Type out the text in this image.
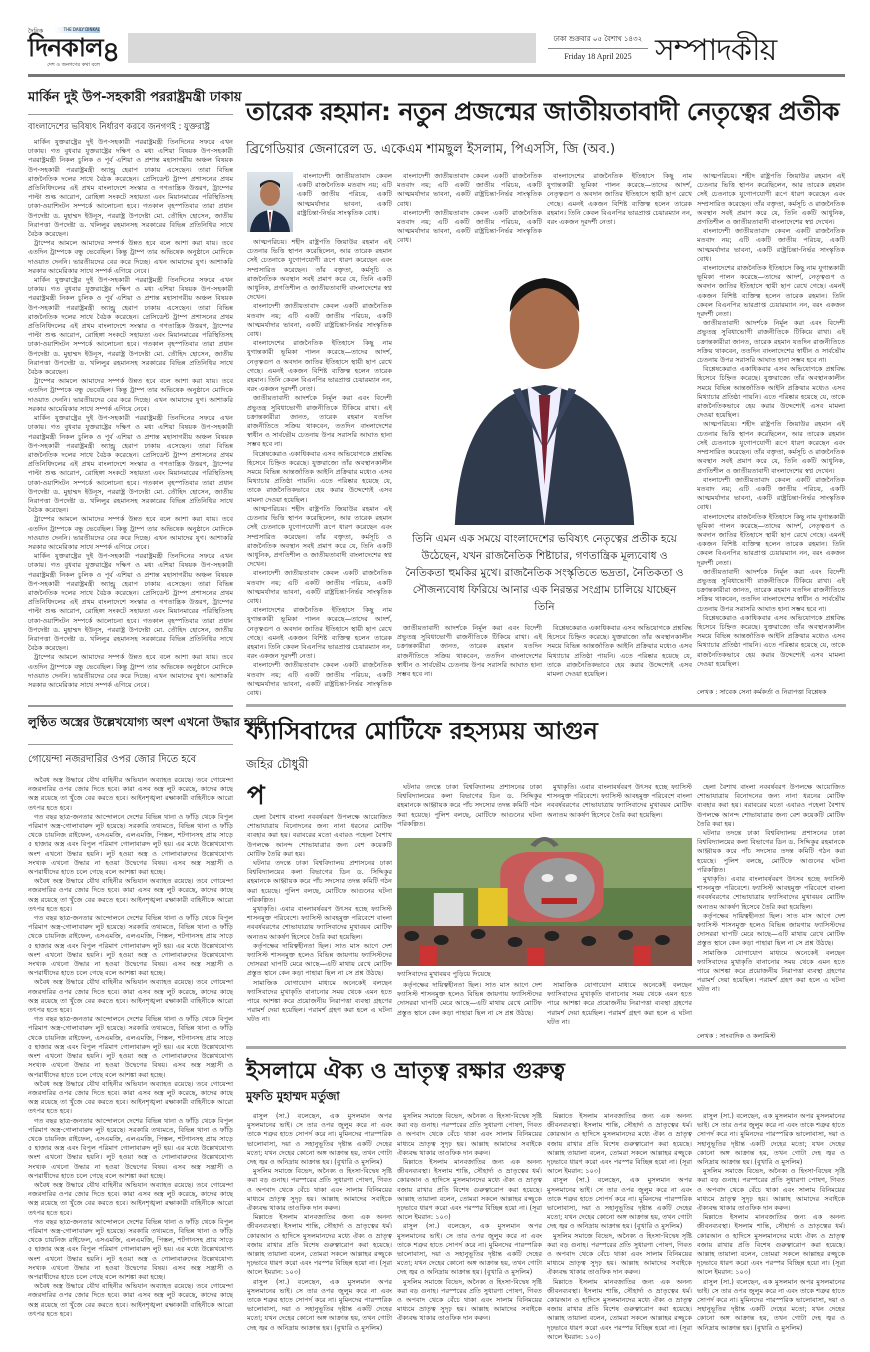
দৈনিক	THE DAILY DINKAL
দিনকাল
দেশ ও জনগণের কথা বলে ৪	ঢাকা শুক্রবার ০৫ বৈশাখ ১৪৩২
Friday 18 April 2025 সম্পাদকীয়
মার্কিন দুই উপ-সহকারী পররাষ্ট্রমন্ত্রী ঢাকায়
বাংলাদেশের ভবিষ্যৎ নির্ধারণ করবে জনগণই : যুক্তরাষ্ট্র

মার্কিন যুক্তরাষ্ট্রের দুই উপ-সহকারী পররাষ্ট্রমন্ত্রী তিনদিনের সফরে এখন ঢাকায়। গত বুধবার যুক্তরাষ্ট্রের দক্ষিণ ও মধ্য এশিয়া বিষয়ক উপ-সহকারী পররাষ্ট্রমন্ত্রী নিকল চুলিক ও পূর্ব এশিয়া ও প্রশান্ত মহাসাগরীয় অঞ্চল বিষয়ক উপ-সহকারী পররাষ্ট্রমন্ত্রী অ্যান্ড্রু হেরাপ ঢাকায় এসেছেন। তারা বিভিন্ন রাজনৈতিক দলের সাথে বৈঠক করেছেন। প্রেসিডেন্ট ট্রাম্প প্রশাসনের প্রথম প্রতিনিধিদলের এই প্রথম বাংলাদেশে সংস্কার ও গণতান্ত্রিক উত্তরণ, ট্রাম্পের পাল্টা শুল্ক আরোপ, রোহিঙ্গা সংকটে সহায়তা এবং মিয়ানমারের পরিস্থিতিসহ ঢাকা-ওয়াশিংটন সম্পর্কে আলোচনা হবে। গতকাল বৃহস্পতিবার তারা প্রধান উপদেষ্টা ড. মুহাম্মদ ইউনূস, পররাষ্ট্র উপদেষ্টা মো. তৌহিদ হোসেন, জাতীয় নিরাপত্তা উপদেষ্টা ড. খলিলুর রহমানসহ সরকারের বিভিন্ন প্রতিনিধির সাথে বৈঠক করেছেন।

ট্রাম্পের আমলে আমাদের সম্পর্ক উন্নত হবে বলে আশা করা যায়। তবে এতদিন ট্রাম্পকে বন্ধু ভেবেছিল। কিন্তু ট্রাম্প তার অভিষেক অনুষ্ঠানে মোদিকে দাওয়াত দেননি। ভারতীয়দের বের করে দিচ্ছে। এখন আমাদের যুগ। আশাকরি সরকার আমেরিকার সাথে সম্পর্ক এগিয়ে নেবে।

মার্কিন যুক্তরাষ্ট্রের দুই উপ-সহকারী পররাষ্ট্রমন্ত্রী তিনদিনের সফরে এখন ঢাকায়। গত বুধবার যুক্তরাষ্ট্রের দক্ষিণ ও মধ্য এশিয়া বিষয়ক উপ-সহকারী পররাষ্ট্রমন্ত্রী নিকল চুলিক ও পূর্ব এশিয়া ও প্রশান্ত মহাসাগরীয় অঞ্চল বিষয়ক উপ-সহকারী পররাষ্ট্রমন্ত্রী অ্যান্ড্রু হেরাপ ঢাকায় এসেছেন। তারা বিভিন্ন রাজনৈতিক দলের সাথে বৈঠক করেছেন। প্রেসিডেন্ট ট্রাম্প প্রশাসনের প্রথম প্রতিনিধিদলের এই প্রথম বাংলাদেশে সংস্কার ও গণতান্ত্রিক উত্তরণ, ট্রাম্পের পাল্টা শুল্ক আরোপ, রোহিঙ্গা সংকটে সহায়তা এবং মিয়ানমারের পরিস্থিতিসহ ঢাকা-ওয়াশিংটন সম্পর্কে আলোচনা হবে। গতকাল বৃহস্পতিবার তারা প্রধান উপদেষ্টা ড. মুহাম্মদ ইউনূস, পররাষ্ট্র উপদেষ্টা মো. তৌহিদ হোসেন, জাতীয় নিরাপত্তা উপদেষ্টা ড. খলিলুর রহমানসহ সরকারের বিভিন্ন প্রতিনিধির সাথে বৈঠক করেছেন।

ট্রাম্পের আমলে আমাদের সম্পর্ক উন্নত হবে বলে আশা করা যায়। তবে এতদিন ট্রাম্পকে বন্ধু ভেবেছিল। কিন্তু ট্রাম্প তার অভিষেক অনুষ্ঠানে মোদিকে দাওয়াত দেননি। ভারতীয়দের বের করে দিচ্ছে। এখন আমাদের যুগ। আশাকরি সরকার আমেরিকার সাথে সম্পর্ক এগিয়ে নেবে।

মার্কিন যুক্তরাষ্ট্রের দুই উপ-সহকারী পররাষ্ট্রমন্ত্রী তিনদিনের সফরে এখন ঢাকায়। গত বুধবার যুক্তরাষ্ট্রের দক্ষিণ ও মধ্য এশিয়া বিষয়ক উপ-সহকারী পররাষ্ট্রমন্ত্রী নিকল চুলিক ও পূর্ব এশিয়া ও প্রশান্ত মহাসাগরীয় অঞ্চল বিষয়ক উপ-সহকারী পররাষ্ট্রমন্ত্রী অ্যান্ড্রু হেরাপ ঢাকায় এসেছেন। তারা বিভিন্ন রাজনৈতিক দলের সাথে বৈঠক করেছেন। প্রেসিডেন্ট ট্রাম্প প্রশাসনের প্রথম প্রতিনিধিদলের এই প্রথম বাংলাদেশে সংস্কার ও গণতান্ত্রিক উত্তরণ, ট্রাম্পের পাল্টা শুল্ক আরোপ, রোহিঙ্গা সংকটে সহায়তা এবং মিয়ানমারের পরিস্থিতিসহ ঢাকা-ওয়াশিংটন সম্পর্কে আলোচনা হবে। গতকাল বৃহস্পতিবার তারা প্রধান উপদেষ্টা ড. মুহাম্মদ ইউনূস, পররাষ্ট্র উপদেষ্টা মো. তৌহিদ হোসেন, জাতীয় নিরাপত্তা উপদেষ্টা ড. খলিলুর রহমানসহ সরকারের বিভিন্ন প্রতিনিধির সাথে বৈঠক করেছেন।

ট্রাম্পের আমলে আমাদের সম্পর্ক উন্নত হবে বলে আশা করা যায়। তবে এতদিন ট্রাম্পকে বন্ধু ভেবেছিল। কিন্তু ট্রাম্প তার অভিষেক অনুষ্ঠানে মোদিকে দাওয়াত দেননি। ভারতীয়দের বের করে দিচ্ছে। এখন আমাদের যুগ। আশাকরি সরকার আমেরিকার সাথে সম্পর্ক এগিয়ে নেবে।

মার্কিন যুক্তরাষ্ট্রের দুই উপ-সহকারী পররাষ্ট্রমন্ত্রী তিনদিনের সফরে এখন ঢাকায়। গত বুধবার যুক্তরাষ্ট্রের দক্ষিণ ও মধ্য এশিয়া বিষয়ক উপ-সহকারী পররাষ্ট্রমন্ত্রী নিকল চুলিক ও পূর্ব এশিয়া ও প্রশান্ত মহাসাগরীয় অঞ্চল বিষয়ক উপ-সহকারী পররাষ্ট্রমন্ত্রী অ্যান্ড্রু হেরাপ ঢাকায় এসেছেন। তারা বিভিন্ন রাজনৈতিক দলের সাথে বৈঠক করেছেন। প্রেসিডেন্ট ট্রাম্প প্রশাসনের প্রথম প্রতিনিধিদলের এই প্রথম বাংলাদেশে সংস্কার ও গণতান্ত্রিক উত্তরণ, ট্রাম্পের পাল্টা শুল্ক আরোপ, রোহিঙ্গা সংকটে সহায়তা এবং মিয়ানমারের পরিস্থিতিসহ ঢাকা-ওয়াশিংটন সম্পর্কে আলোচনা হবে। গতকাল বৃহস্পতিবার তারা প্রধান উপদেষ্টা ড. মুহাম্মদ ইউনূস, পররাষ্ট্র উপদেষ্টা মো. তৌহিদ হোসেন, জাতীয় নিরাপত্তা উপদেষ্টা ড. খলিলুর রহমানসহ সরকারের বিভিন্ন প্রতিনিধির সাথে বৈঠক করেছেন।

ট্রাম্পের আমলে আমাদের সম্পর্ক উন্নত হবে বলে আশা করা যায়। তবে এতদিন ট্রাম্পকে বন্ধু ভেবেছিল। কিন্তু ট্রাম্প তার অভিষেক অনুষ্ঠানে মোদিকে দাওয়াত দেননি। ভারতীয়দের বের করে দিচ্ছে। এখন আমাদের যুগ। আশাকরি সরকার আমেরিকার সাথে সম্পর্ক এগিয়ে নেবে।

লুণ্ঠিত অস্ত্রের উল্লেখযোগ্য অংশ এখনো উদ্ধার হয়নি
গোয়েন্দা নজরদারির ওপর জোর দিতে হবে

অবৈধ অস্ত্র উদ্ধারে যৌথ বাহিনীর অভিযান অব্যাহত রয়েছে। তবে গোয়েন্দা নজরদারির ওপর জোর দিতে হবে। কারা এসব অস্ত্র লুট করেছে, কাদের কাছে অস্ত্র রয়েছে তা খুঁজে বের করতে হবে। আইনশৃঙ্খলা রক্ষাকারী বাহিনীকে আরো তৎপর হতে হবে।

গত বছর ছাত্র-জনতার আন্দোলনে দেশের বিভিন্ন থানা ও ফাঁড়ি থেকে বিপুল পরিমাণ অস্ত্র-গোলাবারুদ লুট হয়েছে। সরকারি তথ্যমতে, বিভিন্ন থানা ও ফাঁড়ি থেকে চায়নিজ রাইফেল, এসএমজি, এলএমজি, পিস্তল, শটগানসহ প্রায় সাড়ে ৫ হাজার অস্ত্র এবং বিপুল পরিমাণ গোলাবারুদ লুট হয়। এর মধ্যে উল্লেখযোগ্য অংশ এখনো উদ্ধার হয়নি। লুট হওয়া অস্ত্র ও গোলাবারুদের উল্লেখযোগ্য সংখ্যক এখনো উদ্ধার না হওয়া উদ্বেগের বিষয়। এসব অস্ত্র সন্ত্রাসী ও অপরাধীদের হাতে চলে গেছে বলে আশঙ্কা করা হচ্ছে।

অবৈধ অস্ত্র উদ্ধারে যৌথ বাহিনীর অভিযান অব্যাহত রয়েছে। তবে গোয়েন্দা নজরদারির ওপর জোর দিতে হবে। কারা এসব অস্ত্র লুট করেছে, কাদের কাছে অস্ত্র রয়েছে তা খুঁজে বের করতে হবে। আইনশৃঙ্খলা রক্ষাকারী বাহিনীকে আরো তৎপর হতে হবে।

গত বছর ছাত্র-জনতার আন্দোলনে দেশের বিভিন্ন থানা ও ফাঁড়ি থেকে বিপুল পরিমাণ অস্ত্র-গোলাবারুদ লুট হয়েছে। সরকারি তথ্যমতে, বিভিন্ন থানা ও ফাঁড়ি থেকে চায়নিজ রাইফেল, এসএমজি, এলএমজি, পিস্তল, শটগানসহ প্রায় সাড়ে ৫ হাজার অস্ত্র এবং বিপুল পরিমাণ গোলাবারুদ লুট হয়। এর মধ্যে উল্লেখযোগ্য অংশ এখনো উদ্ধার হয়নি। লুট হওয়া অস্ত্র ও গোলাবারুদের উল্লেখযোগ্য সংখ্যক এখনো উদ্ধার না হওয়া উদ্বেগের বিষয়। এসব অস্ত্র সন্ত্রাসী ও অপরাধীদের হাতে চলে গেছে বলে আশঙ্কা করা হচ্ছে।

অবৈধ অস্ত্র উদ্ধারে যৌথ বাহিনীর অভিযান অব্যাহত রয়েছে। তবে গোয়েন্দা নজরদারির ওপর জোর দিতে হবে। কারা এসব অস্ত্র লুট করেছে, কাদের কাছে অস্ত্র রয়েছে তা খুঁজে বের করতে হবে। আইনশৃঙ্খলা রক্ষাকারী বাহিনীকে আরো তৎপর হতে হবে।

গত বছর ছাত্র-জনতার আন্দোলনে দেশের বিভিন্ন থানা ও ফাঁড়ি থেকে বিপুল পরিমাণ অস্ত্র-গোলাবারুদ লুট হয়েছে। সরকারি তথ্যমতে, বিভিন্ন থানা ও ফাঁড়ি থেকে চায়নিজ রাইফেল, এসএমজি, এলএমজি, পিস্তল, শটগানসহ প্রায় সাড়ে ৫ হাজার অস্ত্র এবং বিপুল পরিমাণ গোলাবারুদ লুট হয়। এর মধ্যে উল্লেখযোগ্য অংশ এখনো উদ্ধার হয়নি। লুট হওয়া অস্ত্র ও গোলাবারুদের উল্লেখযোগ্য সংখ্যক এখনো উদ্ধার না হওয়া উদ্বেগের বিষয়। এসব অস্ত্র সন্ত্রাসী ও অপরাধীদের হাতে চলে গেছে বলে আশঙ্কা করা হচ্ছে।

অবৈধ অস্ত্র উদ্ধারে যৌথ বাহিনীর অভিযান অব্যাহত রয়েছে। তবে গোয়েন্দা নজরদারির ওপর জোর দিতে হবে। কারা এসব অস্ত্র লুট করেছে, কাদের কাছে অস্ত্র রয়েছে তা খুঁজে বের করতে হবে। আইনশৃঙ্খলা রক্ষাকারী বাহিনীকে আরো তৎপর হতে হবে।

গত বছর ছাত্র-জনতার আন্দোলনে দেশের বিভিন্ন থানা ও ফাঁড়ি থেকে বিপুল পরিমাণ অস্ত্র-গোলাবারুদ লুট হয়েছে। সরকারি তথ্যমতে, বিভিন্ন থানা ও ফাঁড়ি থেকে চায়নিজ রাইফেল, এসএমজি, এলএমজি, পিস্তল, শটগানসহ প্রায় সাড়ে ৫ হাজার অস্ত্র এবং বিপুল পরিমাণ গোলাবারুদ লুট হয়। এর মধ্যে উল্লেখযোগ্য অংশ এখনো উদ্ধার হয়নি। লুট হওয়া অস্ত্র ও গোলাবারুদের উল্লেখযোগ্য সংখ্যক এখনো উদ্ধার না হওয়া উদ্বেগের বিষয়। এসব অস্ত্র সন্ত্রাসী ও অপরাধীদের হাতে চলে গেছে বলে আশঙ্কা করা হচ্ছে।

অবৈধ অস্ত্র উদ্ধারে যৌথ বাহিনীর অভিযান অব্যাহত রয়েছে। তবে গোয়েন্দা নজরদারির ওপর জোর দিতে হবে। কারা এসব অস্ত্র লুট করেছে, কাদের কাছে অস্ত্র রয়েছে তা খুঁজে বের করতে হবে। আইনশৃঙ্খলা রক্ষাকারী বাহিনীকে আরো তৎপর হতে হবে।

গত বছর ছাত্র-জনতার আন্দোলনে দেশের বিভিন্ন থানা ও ফাঁড়ি থেকে বিপুল পরিমাণ অস্ত্র-গোলাবারুদ লুট হয়েছে। সরকারি তথ্যমতে, বিভিন্ন থানা ও ফাঁড়ি থেকে চায়নিজ রাইফেল, এসএমজি, এলএমজি, পিস্তল, শটগানসহ প্রায় সাড়ে ৫ হাজার অস্ত্র এবং বিপুল পরিমাণ গোলাবারুদ লুট হয়। এর মধ্যে উল্লেখযোগ্য অংশ এখনো উদ্ধার হয়নি। লুট হওয়া অস্ত্র ও গোলাবারুদের উল্লেখযোগ্য সংখ্যক এখনো উদ্ধার না হওয়া উদ্বেগের বিষয়। এসব অস্ত্র সন্ত্রাসী ও অপরাধীদের হাতে চলে গেছে বলে আশঙ্কা করা হচ্ছে।

অবৈধ অস্ত্র উদ্ধারে যৌথ বাহিনীর অভিযান অব্যাহত রয়েছে। তবে গোয়েন্দা নজরদারির ওপর জোর দিতে হবে। কারা এসব অস্ত্র লুট করেছে, কাদের কাছে অস্ত্র রয়েছে তা খুঁজে বের করতে হবে। আইনশৃঙ্খলা রক্ষাকারী বাহিনীকে আরো তৎপর হতে হবে।

তারেক রহমান: নতুন প্রজন্মের জাতীয়তাবাদী নেতৃত্বের প্রতীক
ব্রিগেডিয়ার জেনারেল ড. একেএম শামছুল ইসলাম, পিএসসি, জি (অব.)

বাংলাদেশী জাতীয়তাবাদ কেবল একটি রাজনৈতিক মতবাদ নয়; এটি একটি জাতীয় পরিচয়, একটি আত্মমর্যাদার ভাবনা, একটি রাষ্ট্রচিন্তা-নির্ভর সাংস্কৃতিক বোধ।

আত্মপরিচয়। শহীদ রাষ্ট্রপতি জিয়াউর রহমান এই চেতনার ভিত্তি স্থাপন করেছিলেন, আর তারেক রহমান সেই চেতনাকে যুগোপযোগী রূপে ধারণ করেছেন এবং সম্প্রসারিত করেছেন। তাঁর বক্তৃতা, কর্মসূচি ও রাজনৈতিক অবস্থান সবই প্রমাণ করে যে, তিনি একটি আধুনিক, প্রগতিশীল ও জাতীয়তাবাদী বাংলাদেশের স্বপ্ন দেখেন।

বাংলাদেশী জাতীয়তাবাদ কেবল একটি রাজনৈতিক মতবাদ নয়; এটি একটি জাতীয় পরিচয়, একটি আত্মমর্যাদার ভাবনা, একটি রাষ্ট্রচিন্তা-নির্ভর সাংস্কৃতিক বোধ।

বাংলাদেশের রাজনৈতিক ইতিহাসে কিছু নাম যুগান্তকারী ভূমিকা পালন করেছে—তাদের আদর্শ, নেতৃত্বগুণ ও অবদান জাতির ইতিহাসে স্থায়ী ছাপ রেখে গেছে। এমনই একজন বিশিষ্ট ব্যক্তিত্ব হলেন তারেক রহমান। তিনি কেবল বিএনপির ভারপ্রাপ্ত চেয়ারম্যান নন, বরং একজন দূরদর্শী নেতা।

জাতীয়তাবাদী আদর্শকে নির্মূল করা এবং বিদেশী প্রভুতন্ত্র সুবিধাভোগী রাজনীতিকে টিকিয়ে রাখা। এই চক্রান্তকারীরা জানত, তারেক রহমান যতদিন রাজনীতিতে সক্রিয় থাকবেন, ততদিন বাংলাদেশের স্বাধীন ও সার্বভৌম চেতনায় উপর সরাসরি আঘাত হানা সম্ভব হবে না।

বিশ্লেষকেরাও একাধিকবার এসব অভিযোগকে প্রশ্নবিদ্ধ হিসেবে চিহ্নিত করেছে। যুক্তরাজ্যে তাঁর অবস্থানকালীন সময়ে বিভিন্ন আন্তর্জাতিক আইনি প্রক্রিয়ার মধ্যেও এসব মিথ্যাচার প্রতিষ্ঠা পায়নি। এতে পরিষ্কার হয়েছে যে, তাকে রাজনৈতিকভাবে হেয় করার উদ্দেশ্যেই এসব মামলা দেওয়া হয়েছিল।

আত্মপরিচয়। শহীদ রাষ্ট্রপতি জিয়াউর রহমান এই চেতনার ভিত্তি স্থাপন করেছিলেন, আর তারেক রহমান সেই চেতনাকে যুগোপযোগী রূপে ধারণ করেছেন এবং সম্প্রসারিত করেছেন। তাঁর বক্তৃতা, কর্মসূচি ও রাজনৈতিক অবস্থান সবই প্রমাণ করে যে, তিনি একটি আধুনিক, প্রগতিশীল ও জাতীয়তাবাদী বাংলাদেশের স্বপ্ন দেখেন।

বাংলাদেশী জাতীয়তাবাদ কেবল একটি রাজনৈতিক মতবাদ নয়; এটি একটি জাতীয় পরিচয়, একটি আত্মমর্যাদার ভাবনা, একটি রাষ্ট্রচিন্তা-নির্ভর সাংস্কৃতিক বোধ।

বাংলাদেশের রাজনৈতিক ইতিহাসে কিছু নাম যুগান্তকারী ভূমিকা পালন করেছে—তাদের আদর্শ, নেতৃত্বগুণ ও অবদান জাতির ইতিহাসে স্থায়ী ছাপ রেখে গেছে। এমনই একজন বিশিষ্ট ব্যক্তিত্ব হলেন তারেক রহমান। তিনি কেবল বিএনপির ভারপ্রাপ্ত চেয়ারম্যান নন, বরং একজন দূরদর্শী নেতা।

বাংলাদেশী জাতীয়তাবাদ কেবল একটি রাজনৈতিক মতবাদ নয়; এটি একটি জাতীয় পরিচয়, একটি আত্মমর্যাদার ভাবনা, একটি রাষ্ট্রচিন্তা-নির্ভর সাংস্কৃতিক বোধ।

বাংলাদেশী জাতীয়তাবাদ কেবল একটি রাজনৈতিক মতবাদ নয়; এটি একটি জাতীয় পরিচয়, একটি আত্মমর্যাদার ভাবনা, একটি রাষ্ট্রচিন্তা-নির্ভর সাংস্কৃতিক বোধ।

বাংলাদেশী জাতীয়তাবাদ কেবল একটি রাজনৈতিক মতবাদ নয়; এটি একটি জাতীয় পরিচয়, একটি আত্মমর্যাদার ভাবনা, একটি রাষ্ট্রচিন্তা-নির্ভর সাংস্কৃতিক বোধ।

বাংলাদেশের রাজনৈতিক ইতিহাসে কিছু নাম যুগান্তকারী ভূমিকা পালন করেছে—তাদের আদর্শ, নেতৃত্বগুণ ও অবদান জাতির ইতিহাসে স্থায়ী ছাপ রেখে গেছে। এমনই একজন বিশিষ্ট ব্যক্তিত্ব হলেন তারেক রহমান। তিনি কেবল বিএনপির ভারপ্রাপ্ত চেয়ারম্যান নন, বরং একজন দূরদর্শী নেতা।

তিনি এমন এক সময়ে বাংলাদেশের ভবিষ্যৎ নেতৃত্বের প্রতীক হয়ে উঠেছেন, যখন রাজনৈতিক শিষ্টাচার, গণতান্ত্রিক মূল্যবোধ ও নৈতিকতা হুমকির মুখে। রাজনৈতিক সংস্কৃতিতে ভদ্রতা, নৈতিকতা ও সৌজন্যবোধ ফিরিয়ে আনার এক নিরন্তর সংগ্রাম চালিয়ে যাচ্ছেন তিনি

জাতীয়তাবাদী আদর্শকে নির্মূল করা এবং বিদেশী প্রভুতন্ত্র সুবিধাভোগী রাজনীতিকে টিকিয়ে রাখা। এই চক্রান্তকারীরা জানত, তারেক রহমান যতদিন রাজনীতিতে সক্রিয় থাকবেন, ততদিন বাংলাদেশের স্বাধীন ও সার্বভৌম চেতনায় উপর সরাসরি আঘাত হানা সম্ভব হবে না।

বিশ্লেষকেরাও একাধিকবার এসব অভিযোগকে প্রশ্নবিদ্ধ হিসেবে চিহ্নিত করেছে। যুক্তরাজ্যে তাঁর অবস্থানকালীন সময়ে বিভিন্ন আন্তর্জাতিক আইনি প্রক্রিয়ার মধ্যেও এসব মিথ্যাচার প্রতিষ্ঠা পায়নি। এতে পরিষ্কার হয়েছে যে, তাকে রাজনৈতিকভাবে হেয় করার উদ্দেশ্যেই এসব মামলা দেওয়া হয়েছিল।

আত্মপরিচয়। শহীদ রাষ্ট্রপতি জিয়াউর রহমান এই চেতনার ভিত্তি স্থাপন করেছিলেন, আর তারেক রহমান সেই চেতনাকে যুগোপযোগী রূপে ধারণ করেছেন এবং সম্প্রসারিত করেছেন। তাঁর বক্তৃতা, কর্মসূচি ও রাজনৈতিক অবস্থান সবই প্রমাণ করে যে, তিনি একটি আধুনিক, প্রগতিশীল ও জাতীয়তাবাদী বাংলাদেশের স্বপ্ন দেখেন।

বাংলাদেশী জাতীয়তাবাদ কেবল একটি রাজনৈতিক মতবাদ নয়; এটি একটি জাতীয় পরিচয়, একটি আত্মমর্যাদার ভাবনা, একটি রাষ্ট্রচিন্তা-নির্ভর সাংস্কৃতিক বোধ।

বাংলাদেশের রাজনৈতিক ইতিহাসে কিছু নাম যুগান্তকারী ভূমিকা পালন করেছে—তাদের আদর্শ, নেতৃত্বগুণ ও অবদান জাতির ইতিহাসে স্থায়ী ছাপ রেখে গেছে। এমনই একজন বিশিষ্ট ব্যক্তিত্ব হলেন তারেক রহমান। তিনি কেবল বিএনপির ভারপ্রাপ্ত চেয়ারম্যান নন, বরং একজন দূরদর্শী নেতা।

জাতীয়তাবাদী আদর্শকে নির্মূল করা এবং বিদেশী প্রভুতন্ত্র সুবিধাভোগী রাজনীতিকে টিকিয়ে রাখা। এই চক্রান্তকারীরা জানত, তারেক রহমান যতদিন রাজনীতিতে সক্রিয় থাকবেন, ততদিন বাংলাদেশের স্বাধীন ও সার্বভৌম চেতনায় উপর সরাসরি আঘাত হানা সম্ভব হবে না।

বিশ্লেষকেরাও একাধিকবার এসব অভিযোগকে প্রশ্নবিদ্ধ হিসেবে চিহ্নিত করেছে। যুক্তরাজ্যে তাঁর অবস্থানকালীন সময়ে বিভিন্ন আন্তর্জাতিক আইনি প্রক্রিয়ার মধ্যেও এসব মিথ্যাচার প্রতিষ্ঠা পায়নি। এতে পরিষ্কার হয়েছে যে, তাকে রাজনৈতিকভাবে হেয় করার উদ্দেশ্যেই এসব মামলা দেওয়া হয়েছিল।

আত্মপরিচয়। শহীদ রাষ্ট্রপতি জিয়াউর রহমান এই চেতনার ভিত্তি স্থাপন করেছিলেন, আর তারেক রহমান সেই চেতনাকে যুগোপযোগী রূপে ধারণ করেছেন এবং সম্প্রসারিত করেছেন। তাঁর বক্তৃতা, কর্মসূচি ও রাজনৈতিক অবস্থান সবই প্রমাণ করে যে, তিনি একটি আধুনিক, প্রগতিশীল ও জাতীয়তাবাদী বাংলাদেশের স্বপ্ন দেখেন।

বাংলাদেশী জাতীয়তাবাদ কেবল একটি রাজনৈতিক মতবাদ নয়; এটি একটি জাতীয় পরিচয়, একটি আত্মমর্যাদার ভাবনা, একটি রাষ্ট্রচিন্তা-নির্ভর সাংস্কৃতিক বোধ।

বাংলাদেশের রাজনৈতিক ইতিহাসে কিছু নাম যুগান্তকারী ভূমিকা পালন করেছে—তাদের আদর্শ, নেতৃত্বগুণ ও অবদান জাতির ইতিহাসে স্থায়ী ছাপ রেখে গেছে। এমনই একজন বিশিষ্ট ব্যক্তিত্ব হলেন তারেক রহমান। তিনি কেবল বিএনপির ভারপ্রাপ্ত চেয়ারম্যান নন, বরং একজন দূরদর্শী নেতা।

জাতীয়তাবাদী আদর্শকে নির্মূল করা এবং বিদেশী প্রভুতন্ত্র সুবিধাভোগী রাজনীতিকে টিকিয়ে রাখা। এই চক্রান্তকারীরা জানত, তারেক রহমান যতদিন রাজনীতিতে সক্রিয় থাকবেন, ততদিন বাংলাদেশের স্বাধীন ও সার্বভৌম চেতনায় উপর সরাসরি আঘাত হানা সম্ভব হবে না।

বিশ্লেষকেরাও একাধিকবার এসব অভিযোগকে প্রশ্নবিদ্ধ হিসেবে চিহ্নিত করেছে। যুক্তরাজ্যে তাঁর অবস্থানকালীন সময়ে বিভিন্ন আন্তর্জাতিক আইনি প্রক্রিয়ার মধ্যেও এসব মিথ্যাচার প্রতিষ্ঠা পায়নি। এতে পরিষ্কার হয়েছে যে, তাকে রাজনৈতিকভাবে হেয় করার উদ্দেশ্যেই এসব মামলা দেওয়া হয়েছিল।

লেখক : সাবেক সেনা কর্মকর্তা ও নিরাপত্তা বিশ্লেষক
ফ্যাসিবাদের মোটিফে রহস্যময় আগুন
জহির চৌধুরী
প

হেলা বৈশাখ বাংলা নববর্ষবরণ উপলক্ষে আয়োজিত শোভাযাত্রায় বিনোদনের জন্য নানা ধরনের মোটিফ ব্যবহার করা হয়। বরাবরের মতো এবারও পহেলা বৈশাখ উপলক্ষে আনন্দ শোভাযাত্রার জন্য বেশ কয়েকটি মোটিফ তৈরি করা হয়।

ঘটনার তদন্তে ঢাকা বিশ্ববিদ্যালয় প্রশাসনের ঢাকা বিশ্ববিদ্যালয়ের কলা বিভাগের ডিন ড. সিদ্দিকুর রহমানকে আহ্বায়ক করে পাঁচ সদস্যের তদন্ত কমিটি গঠন করা হয়েছে। পুলিশ বলছে, মোটিফে আগুনের ঘটনা পরিকল্পিত।

মুখাকৃতি। এবার বাংলাবর্ষবরণ উৎসব হচ্ছে ফ্যাসিস্ট শাসনমুক্ত পরিবেশে। ফ্যাসিস্ট আবহমুক্ত পরিবেশে বাংলা নববর্ষবরণের শোভাযাত্রায় ফ্যাসিবাদের মুখাবয়ব মোটিফ অন্যতম আকর্ষণ হিসেবে তৈরি করা হয়েছিল।

কর্তৃপক্ষের দায়িত্বহীনতা ছিল। সাত মাস আগে দেশ ফ্যাসিস্ট শাসনমুক্ত হলেও বিভিন্ন জায়গায় ফ্যাসিস্টদের দোসররা ঘাপটি মেরে আছে—এটি মাথায় রেখে মোটিফ প্রস্তুত স্থানে কেন কড়া পাহারা ছিল না সে প্রশ্ন উঠছে।

সামাজিক যোগাযোগ মাধ্যমে অনেকেই বলছেন ফ্যাসিবাদের মুখাকৃতি বানানোর সময় থেকে এমন হতে পারে আশঙ্কা করে প্রয়োজনীয় নিরাপত্তা ব্যবস্থা গ্রহণের পরামর্শ দেয়া হয়েছিল। পরামর্শ গ্রহণ করা হলে এ ঘটনা ঘটত না।

ঘটনার তদন্তে ঢাকা বিশ্ববিদ্যালয় প্রশাসনের ঢাকা বিশ্ববিদ্যালয়ের কলা বিভাগের ডিন ড. সিদ্দিকুর রহমানকে আহ্বায়ক করে পাঁচ সদস্যের তদন্ত কমিটি গঠন করা হয়েছে। পুলিশ বলছে, মোটিফে আগুনের ঘটনা পরিকল্পিত।

মুখাকৃতি। এবার বাংলাবর্ষবরণ উৎসব হচ্ছে ফ্যাসিস্ট শাসনমুক্ত পরিবেশে। ফ্যাসিস্ট আবহমুক্ত পরিবেশে বাংলা নববর্ষবরণের শোভাযাত্রায় ফ্যাসিবাদের মুখাবয়ব মোটিফ অন্যতম আকর্ষণ হিসেবে তৈরি করা হয়েছিল।

ফ্যাসিবাদের মুখাবয়ব পুড়িয়ে দিয়েছে

কর্তৃপক্ষের দায়িত্বহীনতা ছিল। সাত মাস আগে দেশ ফ্যাসিস্ট শাসনমুক্ত হলেও বিভিন্ন জায়গায় ফ্যাসিস্টদের দোসররা ঘাপটি মেরে আছে—এটি মাথায় রেখে মোটিফ প্রস্তুত স্থানে কেন কড়া পাহারা ছিল না সে প্রশ্ন উঠছে।

সামাজিক যোগাযোগ মাধ্যমে অনেকেই বলছেন ফ্যাসিবাদের মুখাকৃতি বানানোর সময় থেকে এমন হতে পারে আশঙ্কা করে প্রয়োজনীয় নিরাপত্তা ব্যবস্থা গ্রহণের পরামর্শ দেয়া হয়েছিল। পরামর্শ গ্রহণ করা হলে এ ঘটনা ঘটত না।

হেলা বৈশাখ বাংলা নববর্ষবরণ উপলক্ষে আয়োজিত শোভাযাত্রায় বিনোদনের জন্য নানা ধরনের মোটিফ ব্যবহার করা হয়। বরাবরের মতো এবারও পহেলা বৈশাখ উপলক্ষে আনন্দ শোভাযাত্রার জন্য বেশ কয়েকটি মোটিফ তৈরি করা হয়।

ঘটনার তদন্তে ঢাকা বিশ্ববিদ্যালয় প্রশাসনের ঢাকা বিশ্ববিদ্যালয়ের কলা বিভাগের ডিন ড. সিদ্দিকুর রহমানকে আহ্বায়ক করে পাঁচ সদস্যের তদন্ত কমিটি গঠন করা হয়েছে। পুলিশ বলছে, মোটিফে আগুনের ঘটনা পরিকল্পিত।

মুখাকৃতি। এবার বাংলাবর্ষবরণ উৎসব হচ্ছে ফ্যাসিস্ট শাসনমুক্ত পরিবেশে। ফ্যাসিস্ট আবহমুক্ত পরিবেশে বাংলা নববর্ষবরণের শোভাযাত্রায় ফ্যাসিবাদের মুখাবয়ব মোটিফ অন্যতম আকর্ষণ হিসেবে তৈরি করা হয়েছিল।

কর্তৃপক্ষের দায়িত্বহীনতা ছিল। সাত মাস আগে দেশ ফ্যাসিস্ট শাসনমুক্ত হলেও বিভিন্ন জায়গায় ফ্যাসিস্টদের দোসররা ঘাপটি মেরে আছে—এটি মাথায় রেখে মোটিফ প্রস্তুত স্থানে কেন কড়া পাহারা ছিল না সে প্রশ্ন উঠছে।

সামাজিক যোগাযোগ মাধ্যমে অনেকেই বলছেন ফ্যাসিবাদের মুখাকৃতি বানানোর সময় থেকে এমন হতে পারে আশঙ্কা করে প্রয়োজনীয় নিরাপত্তা ব্যবস্থা গ্রহণের পরামর্শ দেয়া হয়েছিল। পরামর্শ গ্রহণ করা হলে এ ঘটনা ঘটত না।

লেখক : সাংবাদিক ও কলামিস্ট
ইসলামে ঐক্য ও ভ্রাতৃত্ব রক্ষার গুরুত্ব
মুফতি মুহাম্মদ মর্তুজা

রাসুল (সা.) বলেছেন, এক মুসলমান অপর মুসলমানের ভাই। সে তার ওপর জুলুম করে না এবং তাকে শত্রুর হাতে সোপর্দ করে না। মুমিনদের পারস্পরিক ভালোবাসা, দয়া ও সহানুভূতির দৃষ্টান্ত একটি দেহের মতো; যখন দেহের কোনো অঙ্গ আক্রান্ত হয়, তখন গোটা দেহ জ্বর ও অনিদ্রায় আক্রান্ত হয়। (বুখারি ও মুসলিম)

মুসলিম সমাজে বিভেদ, অনৈক্য ও হিংসা-বিদ্বেষ সৃষ্টি করা বড় গুনাহ। পরস্পরের প্রতি সুধারণা পোষণ, গিবত ও অপবাদ থেকে বেঁচে থাকা এবং সালাম বিনিময়ের মাধ্যমে ভ্রাতৃত্ব সুদৃঢ় হয়। আল্লাহ আমাদের সবাইকে ঐক্যবদ্ধ থাকার তাওফিক দান করুন।

মিল্লাতে ইসলাম মানবজাতির জন্য এক অনন্য জীবনব্যবস্থা। ইসলাম শান্তি, সৌহার্দ্য ও ভ্রাতৃত্বের ধর্ম। কোরআন ও হাদিসে মুসলমানদের মধ্যে ঐক্য ও ভ্রাতৃত্ব বজায় রাখার প্রতি বিশেষ গুরুত্বারোপ করা হয়েছে। আল্লাহ তায়ালা বলেন, তোমরা সকলে আল্লাহর রজ্জুকে দৃঢ়ভাবে ধারণ করো এবং পরস্পর বিচ্ছিন্ন হয়ো না। (সূরা আলে ইমরান: ১০৩)

রাসুল (সা.) বলেছেন, এক মুসলমান অপর মুসলমানের ভাই। সে তার ওপর জুলুম করে না এবং তাকে শত্রুর হাতে সোপর্দ করে না। মুমিনদের পারস্পরিক ভালোবাসা, দয়া ও সহানুভূতির দৃষ্টান্ত একটি দেহের মতো; যখন দেহের কোনো অঙ্গ আক্রান্ত হয়, তখন গোটা দেহ জ্বর ও অনিদ্রায় আক্রান্ত হয়। (বুখারি ও মুসলিম)

মুসলিম সমাজে বিভেদ, অনৈক্য ও হিংসা-বিদ্বেষ সৃষ্টি করা বড় গুনাহ। পরস্পরের প্রতি সুধারণা পোষণ, গিবত ও অপবাদ থেকে বেঁচে থাকা এবং সালাম বিনিময়ের মাধ্যমে ভ্রাতৃত্ব সুদৃঢ় হয়। আল্লাহ আমাদের সবাইকে ঐক্যবদ্ধ থাকার তাওফিক দান করুন।

মিল্লাতে ইসলাম মানবজাতির জন্য এক অনন্য জীবনব্যবস্থা। ইসলাম শান্তি, সৌহার্দ্য ও ভ্রাতৃত্বের ধর্ম। কোরআন ও হাদিসে মুসলমানদের মধ্যে ঐক্য ও ভ্রাতৃত্ব বজায় রাখার প্রতি বিশেষ গুরুত্বারোপ করা হয়েছে। আল্লাহ তায়ালা বলেন, তোমরা সকলে আল্লাহর রজ্জুকে দৃঢ়ভাবে ধারণ করো এবং পরস্পর বিচ্ছিন্ন হয়ো না। (সূরা আলে ইমরান: ১০৩)

রাসুল (সা.) বলেছেন, এক মুসলমান অপর মুসলমানের ভাই। সে তার ওপর জুলুম করে না এবং তাকে শত্রুর হাতে সোপর্দ করে না। মুমিনদের পারস্পরিক ভালোবাসা, দয়া ও সহানুভূতির দৃষ্টান্ত একটি দেহের মতো; যখন দেহের কোনো অঙ্গ আক্রান্ত হয়, তখন গোটা দেহ জ্বর ও অনিদ্রায় আক্রান্ত হয়। (বুখারি ও মুসলিম)

মুসলিম সমাজে বিভেদ, অনৈক্য ও হিংসা-বিদ্বেষ সৃষ্টি করা বড় গুনাহ। পরস্পরের প্রতি সুধারণা পোষণ, গিবত ও অপবাদ থেকে বেঁচে থাকা এবং সালাম বিনিময়ের মাধ্যমে ভ্রাতৃত্ব সুদৃঢ় হয়। আল্লাহ আমাদের সবাইকে ঐক্যবদ্ধ থাকার তাওফিক দান করুন।

মিল্লাতে ইসলাম মানবজাতির জন্য এক অনন্য জীবনব্যবস্থা। ইসলাম শান্তি, সৌহার্দ্য ও ভ্রাতৃত্বের ধর্ম। কোরআন ও হাদিসে মুসলমানদের মধ্যে ঐক্য ও ভ্রাতৃত্ব বজায় রাখার প্রতি বিশেষ গুরুত্বারোপ করা হয়েছে। আল্লাহ তায়ালা বলেন, তোমরা সকলে আল্লাহর রজ্জুকে দৃঢ়ভাবে ধারণ করো এবং পরস্পর বিচ্ছিন্ন হয়ো না। (সূরা আলে ইমরান: ১০৩)

রাসুল (সা.) বলেছেন, এক মুসলমান অপর মুসলমানের ভাই। সে তার ওপর জুলুম করে না এবং তাকে শত্রুর হাতে সোপর্দ করে না। মুমিনদের পারস্পরিক ভালোবাসা, দয়া ও সহানুভূতির দৃষ্টান্ত একটি দেহের মতো; যখন দেহের কোনো অঙ্গ আক্রান্ত হয়, তখন গোটা দেহ জ্বর ও অনিদ্রায় আক্রান্ত হয়। (বুখারি ও মুসলিম)

মুসলিম সমাজে বিভেদ, অনৈক্য ও হিংসা-বিদ্বেষ সৃষ্টি করা বড় গুনাহ। পরস্পরের প্রতি সুধারণা পোষণ, গিবত ও অপবাদ থেকে বেঁচে থাকা এবং সালাম বিনিময়ের মাধ্যমে ভ্রাতৃত্ব সুদৃঢ় হয়। আল্লাহ আমাদের সবাইকে ঐক্যবদ্ধ থাকার তাওফিক দান করুন।

মিল্লাতে ইসলাম মানবজাতির জন্য এক অনন্য জীবনব্যবস্থা। ইসলাম শান্তি, সৌহার্দ্য ও ভ্রাতৃত্বের ধর্ম। কোরআন ও হাদিসে মুসলমানদের মধ্যে ঐক্য ও ভ্রাতৃত্ব বজায় রাখার প্রতি বিশেষ গুরুত্বারোপ করা হয়েছে। আল্লাহ তায়ালা বলেন, তোমরা সকলে আল্লাহর রজ্জুকে দৃঢ়ভাবে ধারণ করো এবং পরস্পর বিচ্ছিন্ন হয়ো না। (সূরা আলে ইমরান: ১০৩)

রাসুল (সা.) বলেছেন, এক মুসলমান অপর মুসলমানের ভাই। সে তার ওপর জুলুম করে না এবং তাকে শত্রুর হাতে সোপর্দ করে না। মুমিনদের পারস্পরিক ভালোবাসা, দয়া ও সহানুভূতির দৃষ্টান্ত একটি দেহের মতো; যখন দেহের কোনো অঙ্গ আক্রান্ত হয়, তখন গোটা দেহ জ্বর ও অনিদ্রায় আক্রান্ত হয়। (বুখারি ও মুসলিম)

মুসলিম সমাজে বিভেদ, অনৈক্য ও হিংসা-বিদ্বেষ সৃষ্টি করা বড় গুনাহ। পরস্পরের প্রতি সুধারণা পোষণ, গিবত ও অপবাদ থেকে বেঁচে থাকা এবং সালাম বিনিময়ের মাধ্যমে ভ্রাতৃত্ব সুদৃঢ় হয়। আল্লাহ আমাদের সবাইকে ঐক্যবদ্ধ থাকার তাওফিক দান করুন।

মিল্লাতে ইসলাম মানবজাতির জন্য এক অনন্য জীবনব্যবস্থা। ইসলাম শান্তি, সৌহার্দ্য ও ভ্রাতৃত্বের ধর্ম। কোরআন ও হাদিসে মুসলমানদের মধ্যে ঐক্য ও ভ্রাতৃত্ব বজায় রাখার প্রতি বিশেষ গুরুত্বারোপ করা হয়েছে। আল্লাহ তায়ালা বলেন, তোমরা সকলে আল্লাহর রজ্জুকে দৃঢ়ভাবে ধারণ করো এবং পরস্পর বিচ্ছিন্ন হয়ো না। (সূরা আলে ইমরান: ১০৩)

রাসুল (সা.) বলেছেন, এক মুসলমান অপর মুসলমানের ভাই। সে তার ওপর জুলুম করে না এবং তাকে শত্রুর হাতে সোপর্দ করে না। মুমিনদের পারস্পরিক ভালোবাসা, দয়া ও সহানুভূতির দৃষ্টান্ত একটি দেহের মতো; যখন দেহের কোনো অঙ্গ আক্রান্ত হয়, তখন গোটা দেহ জ্বর ও অনিদ্রায় আক্রান্ত হয়। (বুখারি ও মুসলিম)
